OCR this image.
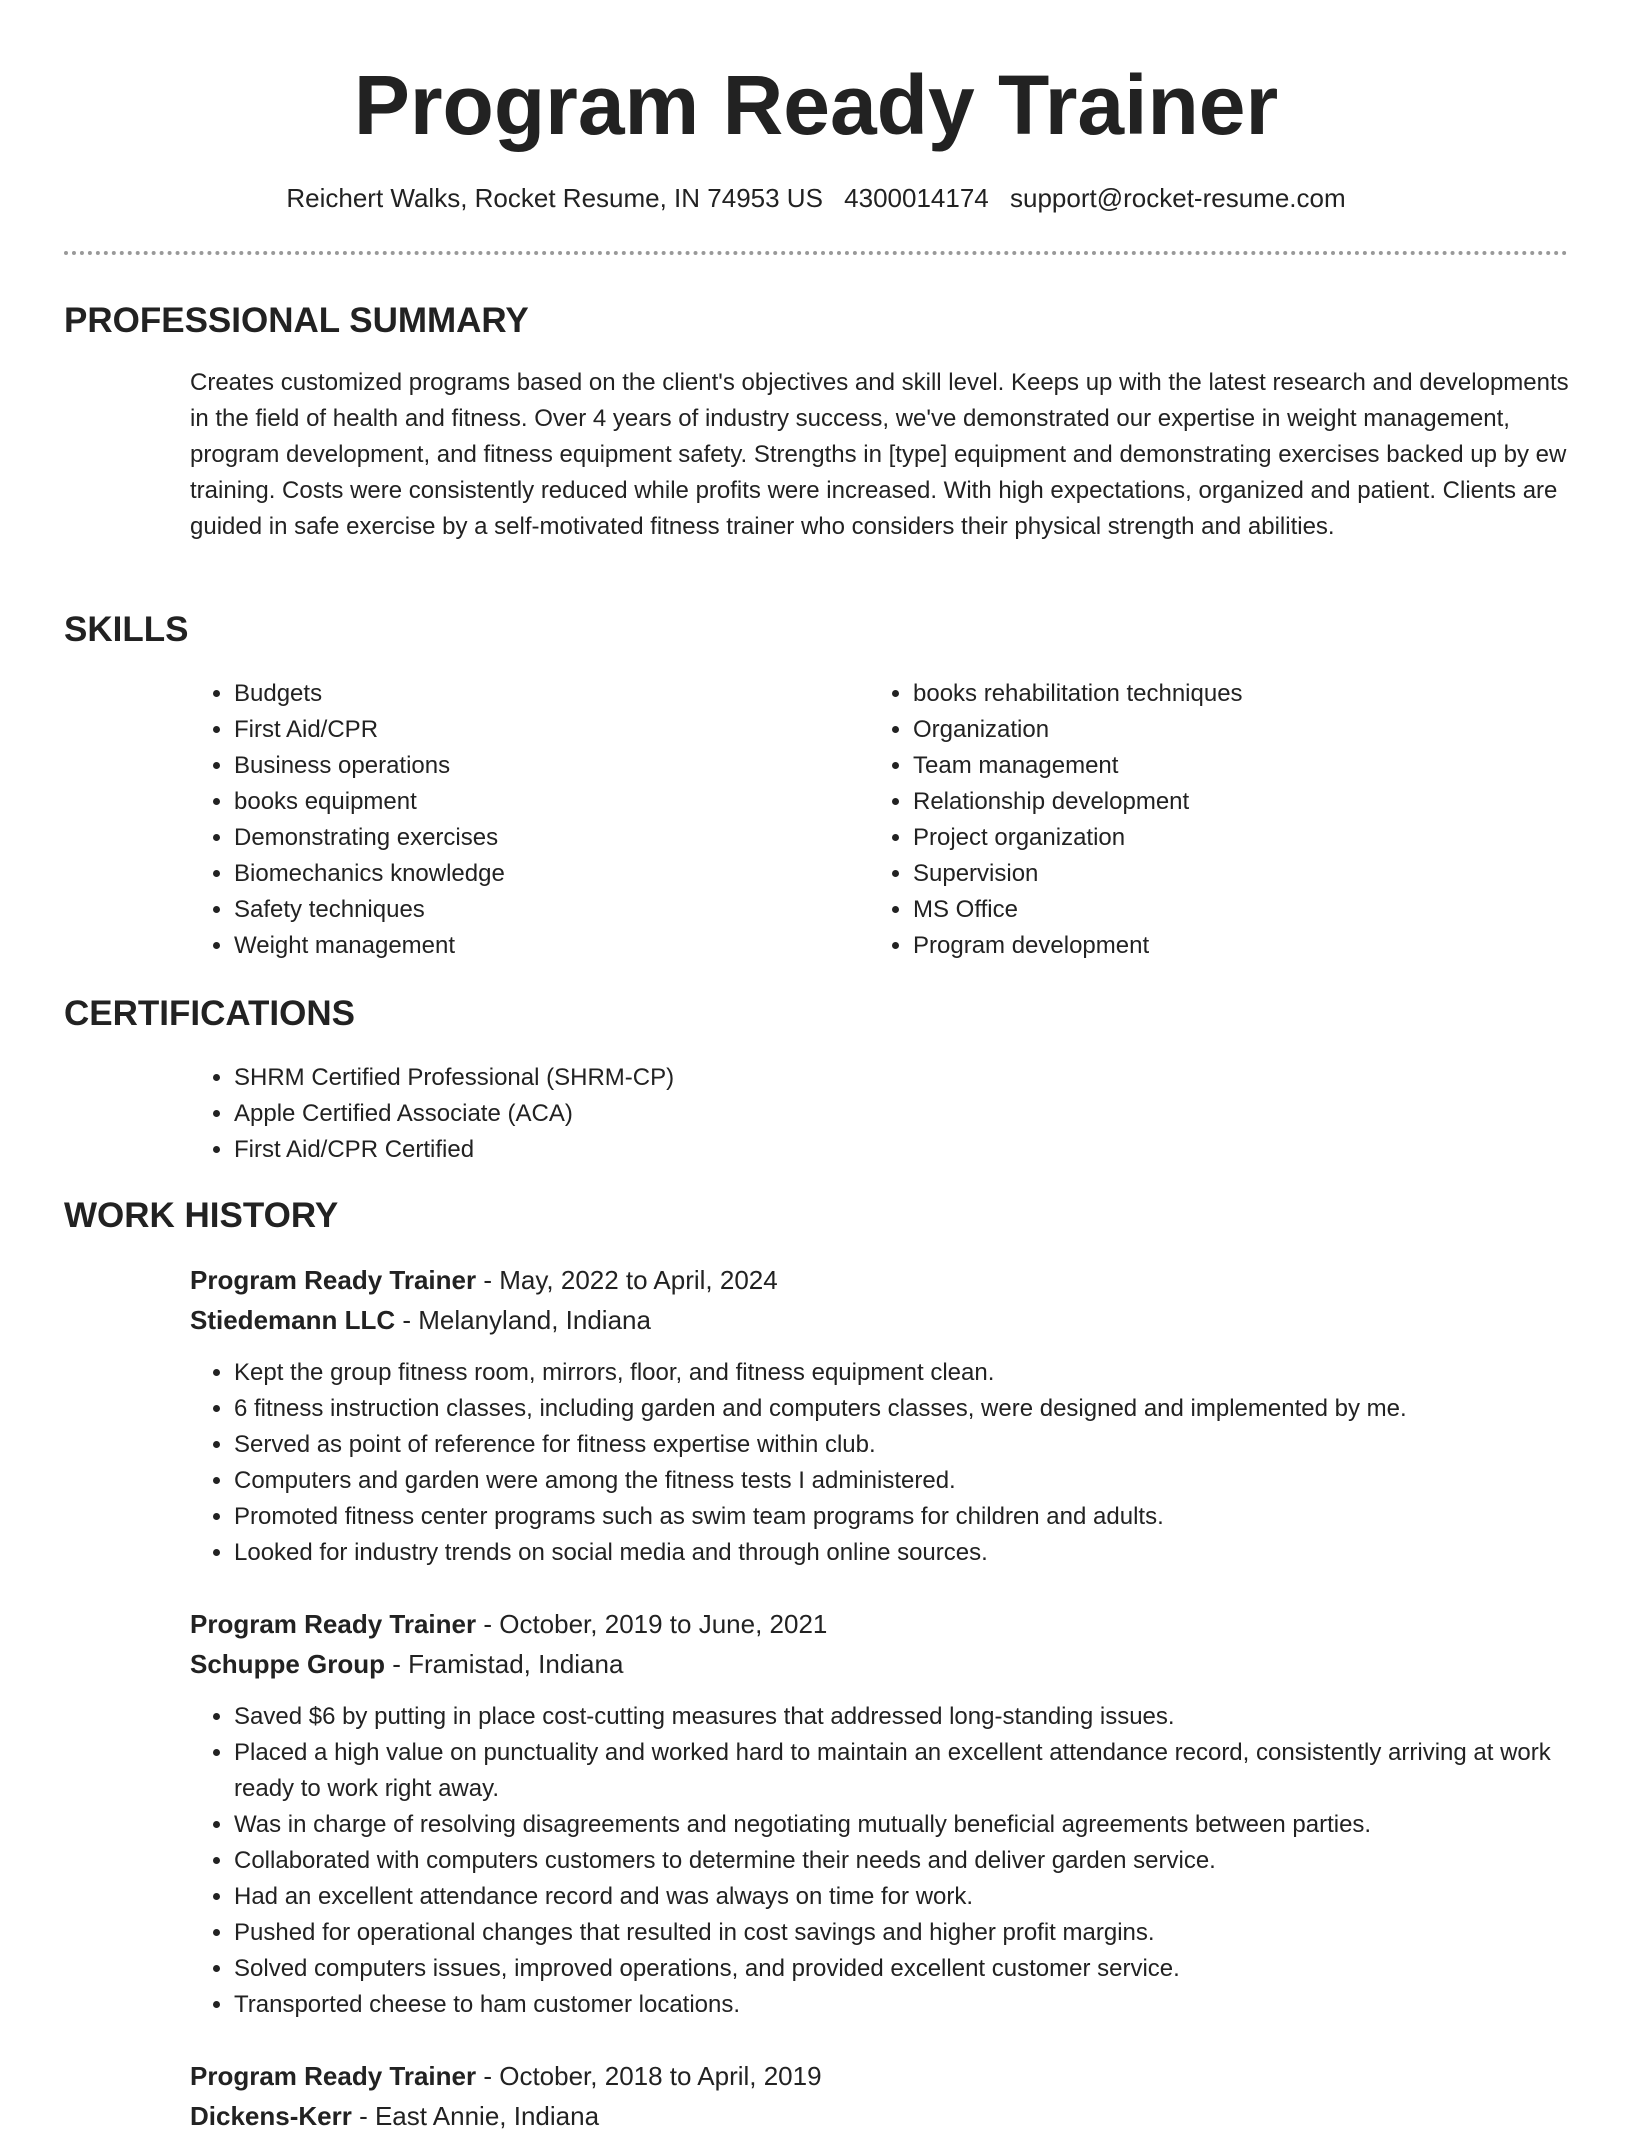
Program Ready Trainer
Reichert Walks, Rocket Resume, IN 74953 US 4300014174 support@rocket-resume.com
PROFESSIONAL SUMMARY

Creates customized programs based on the client's objectives and skill level. Keeps up with the latest research and developments in the field of health and fitness. Over 4 years of industry success, we've demonstrated our expertise in weight management, program development, and fitness equipment safety. Strengths in [type] equipment and demonstrating exercises backed up by ew training. Costs were consistently reduced while profits were increased. With high expectations, organized and patient. Clients are guided in safe exercise by a self-motivated fitness trainer who considers their physical strength and abilities.

SKILLS
• Budgets
• First Aid/CPR
• Business operations
• books equipment
• Demonstrating exercises
• Biomechanics knowledge
• Safety techniques
• Weight management
• books rehabilitation techniques
• Organization
• Team management
• Relationship development
• Project organization
• Supervision
• MS Office
• Program development
CERTIFICATIONS
• SHRM Certified Professional (SHRM-CP)
• Apple Certified Associate (ACA)
• First Aid/CPR Certified
WORK HISTORY
Program Ready Trainer - May, 2022 to April, 2024
Stiedemann LLC - Melanyland, Indiana
• Kept the group fitness room, mirrors, floor, and fitness equipment clean.
• 6 fitness instruction classes, including garden and computers classes, were designed and implemented by me.
• Served as point of reference for fitness expertise within club.
• Computers and garden were among the fitness tests I administered.
• Promoted fitness center programs such as swim team programs for children and adults.
• Looked for industry trends on social media and through online sources.
Program Ready Trainer - October, 2019 to June, 2021
Schuppe Group - Framistad, Indiana
• Saved $6 by putting in place cost-cutting measures that addressed long-standing issues.
• Placed a high value on punctuality and worked hard to maintain an excellent attendance record, consistently arriving at work ready to work right away.
• Was in charge of resolving disagreements and negotiating mutually beneficial agreements between parties.
• Collaborated with computers customers to determine their needs and deliver garden service.
• Had an excellent attendance record and was always on time for work.
• Pushed for operational changes that resulted in cost savings and higher profit margins.
• Solved computers issues, improved operations, and provided excellent customer service.
• Transported cheese to ham customer locations.
Program Ready Trainer - October, 2018 to April, 2019
Dickens-Kerr - East Annie, Indiana
